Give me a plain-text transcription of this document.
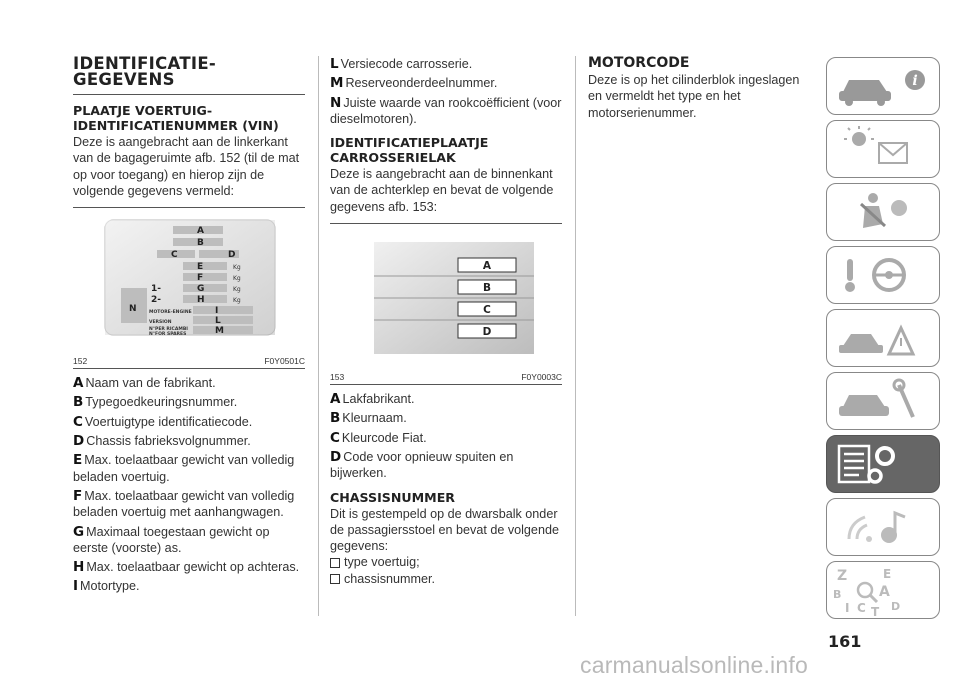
IDENTIFICATIE-GEGEVENS
PLAATJE VOERTUIG-IDENTIFICATIENUMMER (VIN)

Deze is aangebracht aan de linkerkant van de bagageruimte afb. 152 (til de mat op voor toegang) en hierop zijn de volgende gegevens vermeld:

A
B
C	D
E
F
G
H
I
L
M
N
1-
2-
Kg
Kg
Kg
Kg
MOTORE-ENGINE
VERSION
N°PER RICAMBI
N°FOR SPARES
152	F0Y0501C
A Naam van de fabrikant.
B Typegoedkeuringsnummer.
C Voertuigtype identificatiecode.
D Chassis fabrieksvolgnummer.
E Max. toelaatbaar gewicht van volledig beladen voertuig.
F Max. toelaatbaar gewicht van volledig beladen voertuig met aanhangwagen.
G Maximaal toegestaan gewicht op eerste (voorste) as.
H Max. toelaatbaar gewicht op achteras.
I Motortype.
L Versiecode carrosserie.
M Reserveonderdeelnummer.
N Juiste waarde van rookcoëfficient (voor dieselmotoren).
IDENTIFICATIEPLAATJE CARROSSERIELAK

Deze is aangebracht aan de binnenkant van de achterklep en bevat de volgende gegevens afb. 153:

A
B
C
D
153	F0Y0003C
A Lakfabrikant.
B Kleurnaam.
C Kleurcode Fiat.
D Code voor opnieuw spuiten en bijwerken.
CHASSISNUMMER

Dit is gestempeld op de dwarsbalk onder de passagiersstoel en bevat de volgende gegevens:

type voertuig;
chassisnummer.
MOTORCODE

Deze is op het cilinderblok ingeslagen en vermeldt het type en het motorserienummer.

i
Z	E
B	A
I C T D
161
carmanualsonline.info
